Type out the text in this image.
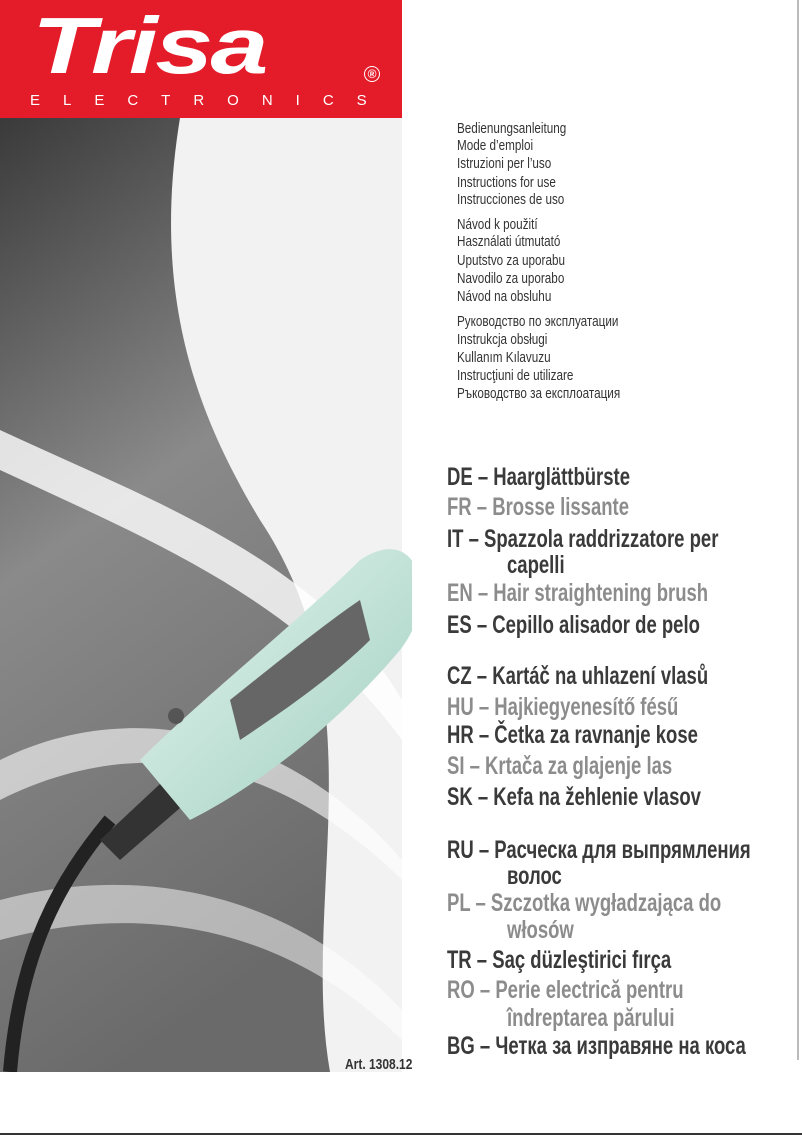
Trisa	®
ELECTRONICS
Bedienungsanleitung
Mode d’emploi
Istruzioni per l’uso
Instructions for use
Instrucciones de uso
Návod k použití
Használati útmutató
Uputstvo za uporabu
Navodilo za uporabo
Návod na obsluhu
Руководство по эксплуатации
Instrukcja obsługi
Kullanım Kılavuzu
Instrucţiuni de utilizare
Ръководство за експлоатация
DE – Haarglättbürste
FR – Brosse lissante
IT – Spazzola raddrizzatore per
capelli
EN – Hair straightening brush
ES – Cepillo alisador de pelo
CZ – Kartáč na uhlazení vlasů
HU – Hajkiegyenesítő fésű
HR – Četka za ravnanje kose
SI – Krtača za glajenje las
SK – Kefa na žehlenie vlasov
RU – Расческа для выпрямления
волос
PL – Szczotka wygładzająca do
włosów
TR – Saç düzleştirici fırça
RO – Perie electrică pentru
îndreptarea părului
BG – Четка за изправяне на коса
Art. 1308.12
